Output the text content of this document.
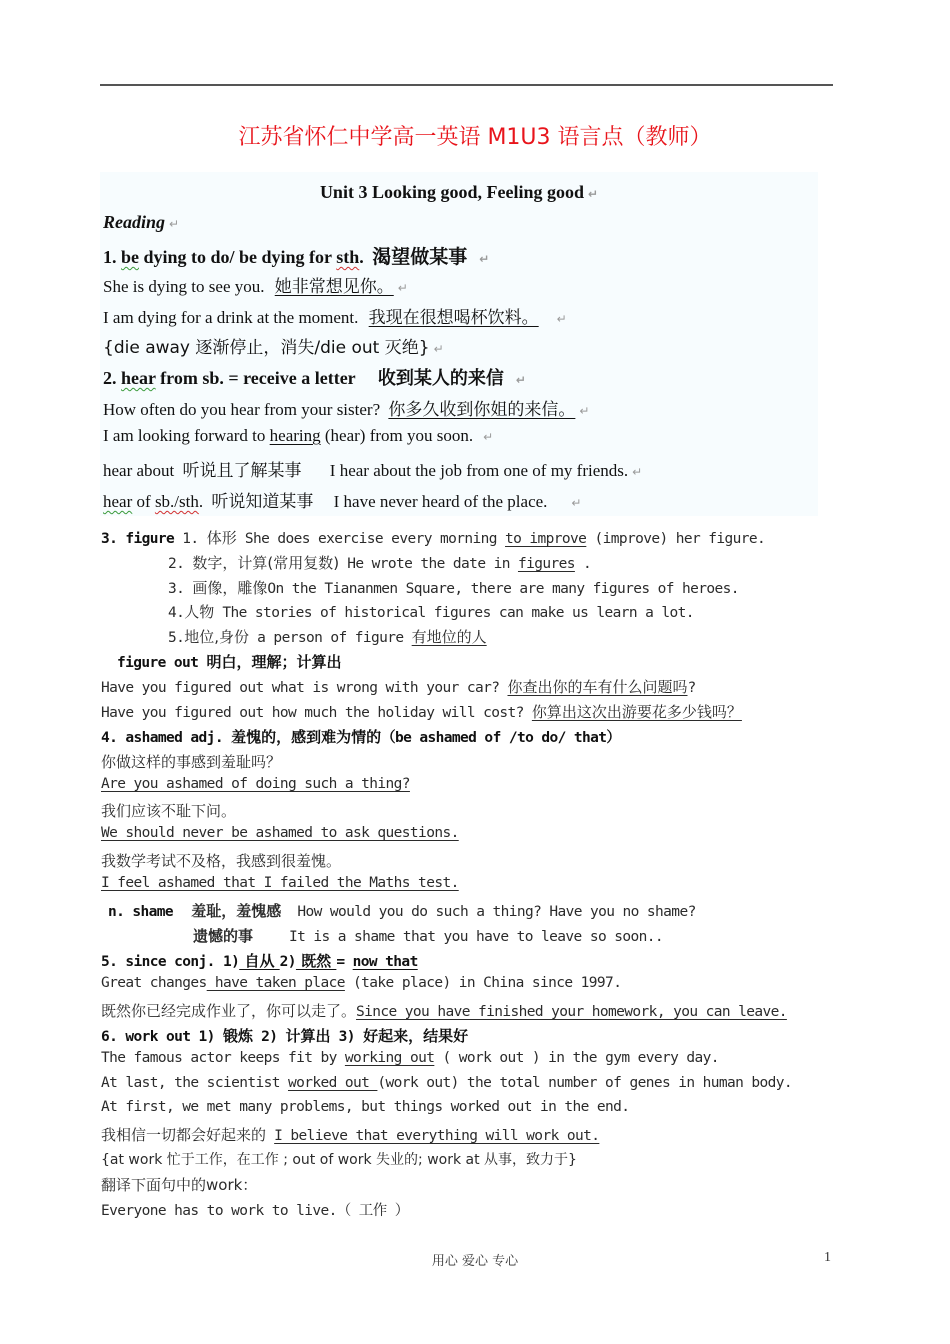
江苏省怀仁中学高一英语 M1U3 语言点（教师）
Unit 3 Looking good, Feeling good ↵
Reading ↵
1. be dying to do/ be dying for sth. 渴望做某事 ↵
She is dying to see you. 她非常想见你。 ↵
I am dying for a drink at the moment. 我现在很想喝杯饮料。 ↵
{die away 逐渐停止，消失/die out 灭绝} ↵
2. hear from sb. = receive a letter 收到某人的来信 ↵
How often do you hear from your sister? 你多久收到你姐的来信。 ↵
I am looking forward to hearing (hear) from you soon. ↵
hear about 听说且了解某事 I hear about the job from one of my friends. ↵
hear of sb./sth. 听说知道某事 I have never heard of the place. ↵
3. figure 1. 体形 She does exercise every morning to improve (improve) her figure.
2. 数字，计算(常用复数) He wrote the date in figures .
3. 画像，雕像On the Tiananmen Square, there are many figures of heroes.
4.人物 The stories of historical figures can make us learn a lot.
5.地位,身份 a person of figure 有地位的人
figure out 明白，理解；计算出
Have you figured out what is wrong with your car? 你查出你的车有什么问题吗?
Have you figured out how much the holiday will cost? 你算出这次出游要花多少钱吗？
4. ashamed adj. 羞愧的，感到难为情的（be ashamed of /to do/ that）
你做这样的事感到羞耻吗？
Are you ashamed of doing such a thing?
我们应该不耻下问。
We should never be ashamed to ask questions.
我数学考试不及格，我感到很羞愧。
I feel ashamed that I failed the Maths test.
n. shame 羞耻，羞愧感 How would you do such a thing? Have you no shame?
遗憾的事 It is a shame that you have to leave so soon..
5. since conj. 1) 自从 2) 既然 = now that
Great changes have taken place (take place) in China since 1997.
既然你已经完成作业了，你可以走了。Since you have finished your homework, you can leave.
6. work out 1) 锻炼 2) 计算出 3) 好起来，结果好
The famous actor keeps fit by working out ( work out ) in the gym every day.
At last, the scientist worked out (work out) the total number of genes in human body.
At first, we met many problems, but things worked out in the end.
我相信一切都会好起来的 I believe that everything will work out.
{at work 忙于工作，在工作 ; out of work 失业的; work at 从事，致力于}
翻译下面句中的work：
Everyone has to work to live.（ 工作 ）
用心 爱心 专心	1
